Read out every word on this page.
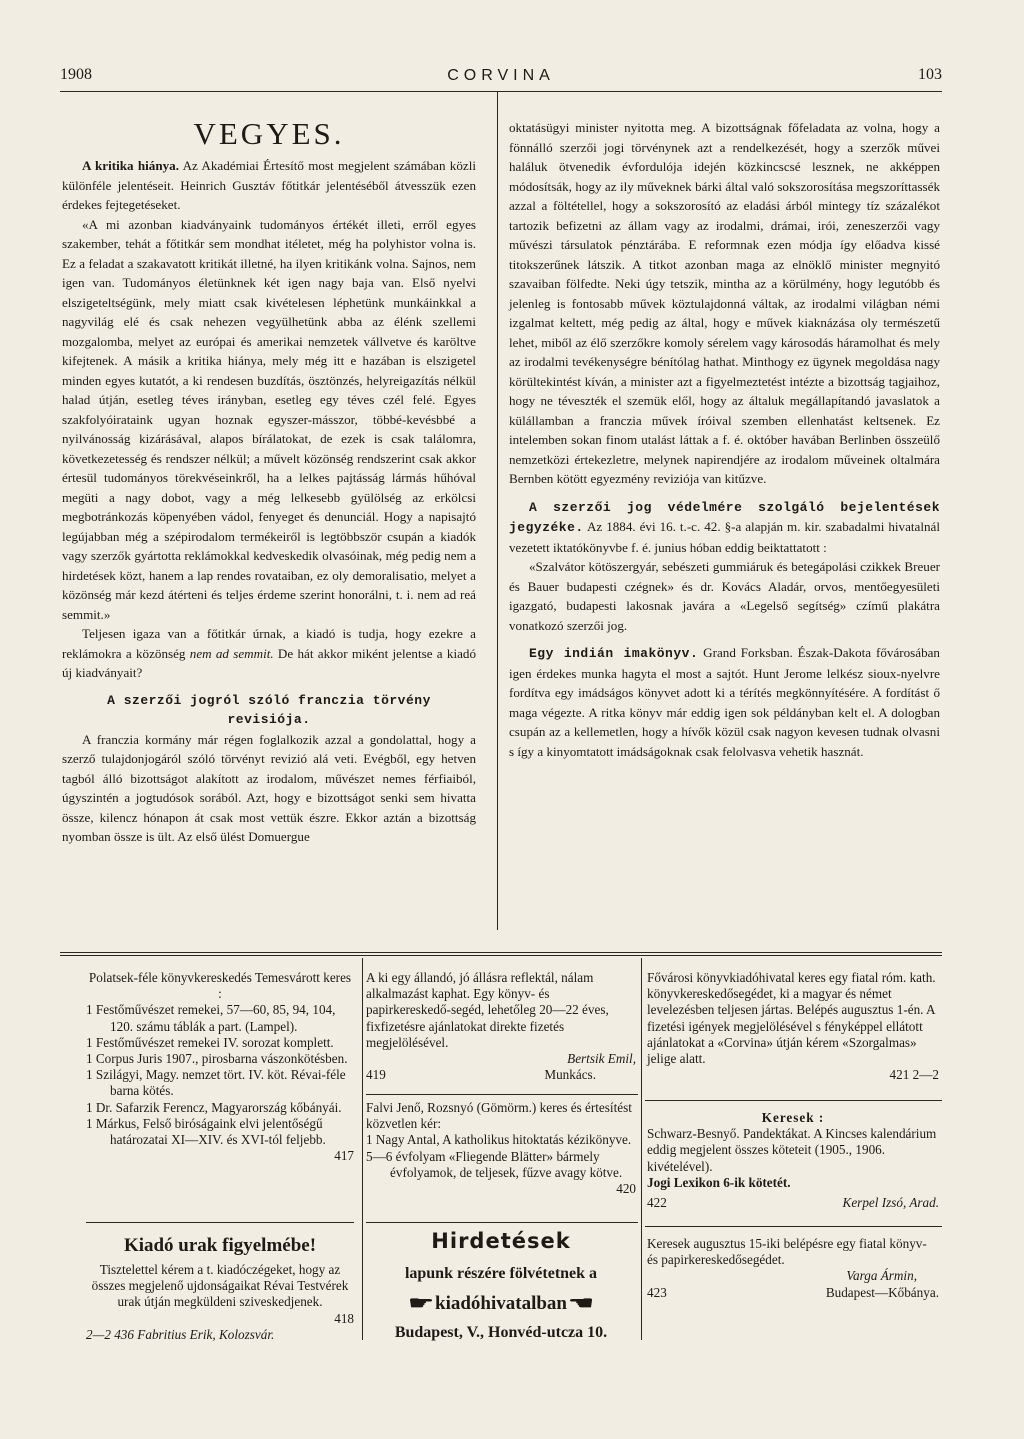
1908	CORVINA	103

VEGYES.

A kritika hiánya. Az Akadémiai Értesítő most megjelent számában közli különféle jelentéseit. Heinrich Gusztáv főtitkár jelentéséből átvesszük ezen érdekes fejtegetéseket.

«A mi azonban kiadványaink tudományos értékét illeti, erről egyes szakember, tehát a főtitkár sem mondhat itéletet, még ha polyhistor volna is. Ez a feladat a szakavatott kritikát illetné, ha ilyen kritikánk volna. Sajnos, nem igen van. Tudományos életünknek két igen nagy baja van. Első nyelvi elszigeteltségünk, mely miatt csak kivételesen léphetünk munkáinkkal a nagyvilág elé és csak nehezen vegyülhetünk abba az élénk szellemi mozgalomba, melyet az európai és amerikai nemzetek vállvetve és karöltve kifejtenek. A másik a kritika hiánya, mely még itt e hazában is elszigetel minden egyes kutatót, a ki rendesen buzdítás, ösztönzés, helyreigazítás nélkül halad útján, esetleg téves irányban, esetleg egy téves czél felé. Egyes szakfolyóirataink ugyan hoznak egyszer-másszor, többé-kevésbbé a nyilvánosság kizárásával, alapos bírálatokat, de ezek is csak találomra, következetesség és rendszer nélkül; a művelt közönség rendszerint csak akkor értesül tudományos törekvéseinkről, ha a lelkes pajtásság lármás hűhóval megüti a nagy dobot, vagy a még lelkesebb gyülölség az erkölcsi megbotránkozás köpenyében vádol, fenyeget és denunciál. Hogy a napisajtó legújabban még a szépirodalom termékeiről is legtöbbször csupán a kiadók vagy szerzők gyártotta reklámokkal kedveskedik olvasóinak, még pedig nem a hirdetések közt, hanem a lap rendes rovataiban, ez oly demoralisatio, melyet a közönség már kezd átérteni és teljes érdeme szerint honorálni, t. i. nem ad reá semmit.»

Teljesen igaza van a főtitkár úrnak, a kiadó is tudja, hogy ezekre a reklámokra a közönség nem ad semmit. De hát akkor miként jelentse a kiadó új kiadványait?

A szerzői jogról szóló franczia törvény revisiója.

A franczia kormány már régen foglalkozik azzal a gondolattal, hogy a szerző tulajdonjogáról szóló törvényt revizió alá veti. Evégből, egy hetven tagból álló bizottságot alakított az irodalom, művészet nemes férfiaiból, úgyszintén a jogtudósok sorából. Azt, hogy e bizottságot senki sem hivatta össze, kilencz hónapon át csak most vettük észre. Ekkor aztán a bizottság nyomban össze is ült. Az első ülést Domuergue

oktatásügyi minister nyitotta meg. A bizottságnak főfeladata az volna, hogy a fönnálló szerzői jogi törvénynek azt a rendelkezését, hogy a szerzők művei haláluk ötvenedik évfordulója idején közkincscsé lesznek, ne akképpen módosítsák, hogy az ily műveknek bárki által való sokszorosítása megszoríttassék azzal a föltétellel, hogy a sokszorosító az eladási árból mintegy tíz százalékot tartozik befizetni az állam vagy az irodalmi, drámai, irói, zeneszerzői vagy művészi társulatok pénztárába. E reformnak ezen módja így előadva kissé titokszerűnek látszik. A titkot azonban maga az elnöklő minister megnyitó szavaiban fölfedte. Neki úgy tetszik, mintha az a körülmény, hogy legutóbb és jelenleg is fontosabb művek köztulajdonná váltak, az irodalmi világban némi izgalmat keltett, még pedig az által, hogy e művek kiaknázása oly természetű lehet, miből az élő szerzőkre komoly sérelem vagy károsodás háramolhat és mely az irodalmi tevékenységre bénítólag hathat. Minthogy ez ügynek megoldása nagy körültekintést kíván, a minister azt a figyelmeztetést intézte a bizottság tagjaihoz, hogy ne téveszték el szemük elől, hogy az általuk megállapítandó javaslatok a külállamban a franczia művek íróival szemben ellenhatást keltsenek. Ez intelemben sokan finom utalást láttak a f. é. október havában Berlinben összeülő nemzetközi értekezletre, melynek napirendjére az irodalom műveinek oltalmára Bernben kötött egyezmény reviziója van kitűzve.

A szerzői jog védelmére szolgáló bejelentések jegyzéke. Az 1884. évi 16. t.-c. 42. §-a alapján m. kir. szabadalmi hivatalnál vezetett iktatókönyvbe f. é. junius hóban eddig beiktattatott :

«Szalvátor kötöszergyár, sebészeti gummiáruk és betegápolási czikkek Breuer és Bauer budapesti czégnek» és dr. Kovács Aladár, orvos, mentőegyesületi igazgató, budapesti lakosnak javára a «Legelső segítség» czímű plakátra vonatkozó szerzői jog.

Egy indián imakönyv. Grand Forksban. Észak-Dakota fővárosában igen érdekes munka hagyta el most a sajtót. Hunt Jerome lelkész sioux-nyelvre fordítva egy imádságos könyvet adott ki a térítés megkönnyítésére. A fordítást ő maga végezte. A ritka könyv már eddig igen sok példányban kelt el. A dologban csupán az a kellemetlen, hogy a hívők közül csak nagyon kevesen tudnak olvasni s így a kinyomtatott imádságoknak csak felolvasva vehetik hasznát.

Polatsek-féle könyvkereskedés Temesvárott keres :

1 Festőművészet remekei, 57—60, 85, 94, 104, 120. számu táblák a part. (Lampel).

1 Festőművészet remekei IV. sorozat komplett.

1 Corpus Juris 1907., pirosbarna vászonkötésben.

1 Szilágyi, Magy. nemzet tört. IV. köt. Révai-féle barna kötés.

1 Dr. Safarzik Ferencz, Magyarország kőbányái.

1 Márkus, Felső biróságaink elvi jelentőségű határozatai XI—XIV. és XVI-tól feljebb.

417

Kiadó urak figyelmébe!

Tisztelettel kérem a t. kiadóczégeket, hogy az összes megjelenő ujdonságaikat Révai Testvérek urak útján megküldeni sziveskedjenek.

418

2—2 436 Fabritius Erik, Kolozsvár.

A ki egy állandó, jó állásra reflektál, nálam alkalmazást kaphat. Egy könyv- és papirkereskedő-segéd, lehetőleg 20—22 éves, fixfizetésre ajánlatokat direkte fizetés megjelölésével.

Bertsik Emil,

419	Munkács.

Falvi Jenő, Rozsnyó (Gömörm.) keres és értesítést közvetlen kér:

1 Nagy Antal, A katholikus hitoktatás kézikönyve.

5—6 évfolyam «Fliegende Blätter» bármely évfolyamok, de teljesek, fűzve avagy kötve.

420

Hirdetések

lapunk részére fölvétetnek a

☛kiadóhivatalban☚

Budapest, V., Honvéd-utcza 10.

Fővárosi könyvkiadóhivatal keres egy fiatal róm. kath. könyvkereskedősegédet, ki a magyar és német levelezésben teljesen jártas. Belépés augusztus 1-én. A fizetési igények megjelölésével s fényképpel ellátott ajánlatokat a «Corvina» útján kérem «Szorgalmas» jelige alatt.

421 2—2

Keresek :

Schwarz-Besnyő. Pandektákat. A Kincses kalendárium eddig megjelent összes köteteit (1905., 1906. kivételével).

Jogi Lexikon 6-ik kötetét.

422	Kerpel Izsó, Arad.

Keresek augusztus 15-iki belépésre egy fiatal könyv- és papirkereskedősegédet.

Varga Ármin,

423	Budapest—Kőbánya.
